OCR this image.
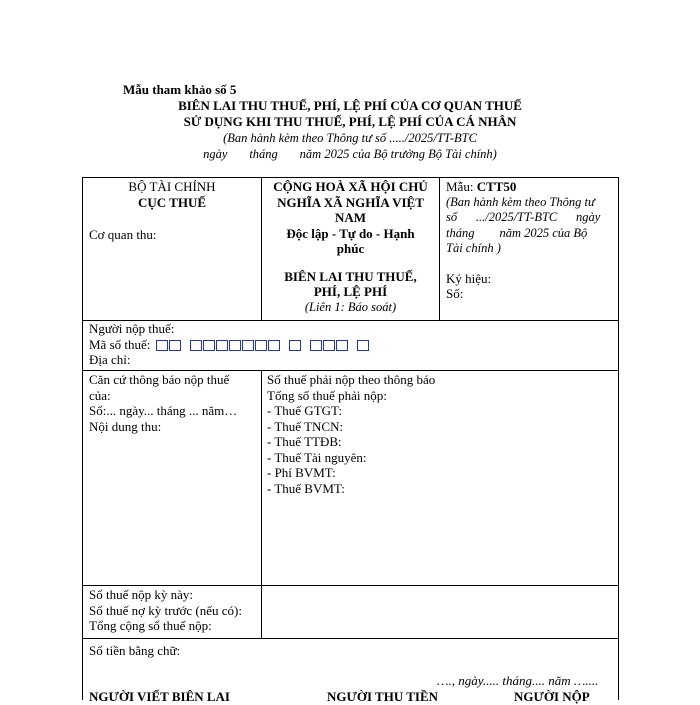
Mẫu tham khảo số 5
BIÊN LAI THU THUẾ, PHÍ, LỆ PHÍ CỦA CƠ QUAN THUẾ
SỬ DỤNG KHI THU THUẾ, PHÍ, LỆ PHÍ CỦA CÁ NHÂN
(Ban hành kèm theo Thông tư số ...../2025/TT-BTC
ngày       tháng       năm 2025 của Bộ trưởng Bộ Tài chính)
BỘ TÀI CHÍNH
CỤC THUẾ
Cơ quan thu:
CỘNG HOÀ XÃ HỘI CHỦ
NGHĨA XÃ NGHĨA VIỆT
NAM
Độc lập - Tự do - Hạnh
phúc
BIÊN LAI THU THUẾ,
PHÍ, LỆ PHÍ
(Liên 1: Báo soát)
Mẫu: CTT50
(Ban hành kèm theo Thông tư
số      .../2025/TT-BTC      ngày
tháng        năm 2025 của Bộ
Tài chính )
Ký hiệu:
Số:
Người nộp thuế:
Mã số thuế:
Địa chỉ:
Căn cứ thông báo nộp thuế
của:
Số:... ngày... tháng ... năm…
Nội dung thu:
Số thuế phải nộp theo thông báo
Tổng số thuế phải nộp:
- Thuế GTGT:
- Thuế TNCN:
- Thuế TTĐB:
- Thuế Tài nguyên:
- Phí BVMT:
- Thuế BVMT:
Số thuế nộp kỳ này:
Số thuế nợ kỳ trước (nếu có):
Tổng cộng số thuế nộp:
Số tiền bằng chữ:
…., ngày..... tháng.... năm …....
NGƯỜI VIẾT BIÊN LAI	NGƯỜI THU TIỀN	NGƯỜI NỘP
